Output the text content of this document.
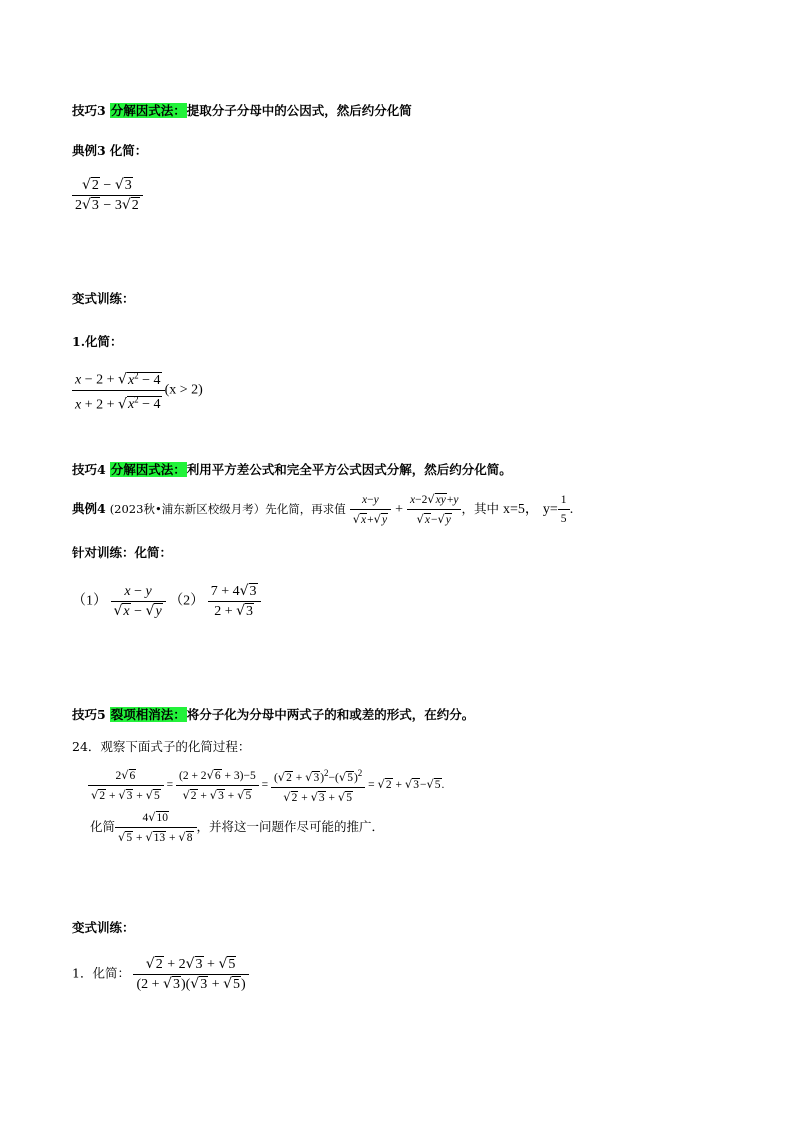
技巧3 分解因式法：提取分子分母中的公因式，然后约分化简
典例3 化简：
$\frac{√2 - √3}{2√3 - 3√2}$
变式训练：
1.化简：
$\frac{x - 2 + √x^2 - 4}{x + 2 + √x^2 - 4} (x > 2)$
技巧4 分解因式法：利用平方差公式和完全平方公式因式分解，然后约分化简。
典例4 (2023秋•浦东新区校级月考）先化简，再求值 $\frac{x-y}{√x+√y} + \frac{x-2√xy+y}{√x-√y}$ ，其中 x=5， $y= \frac{1}{5}$ .
针对训练：化简：
$(1) \frac{x - y}{√x - √y} (2) \frac{7 + 4√3}{2 + √3}$
技巧5 裂项相消法：将分子化为分母中两式子的和或差的形式，在约分。
24．观察下面式子的化简过程：
$\frac{2√6}{√2 + √3 + √5} = \frac{(2 + 2√6 + 3)-5}{√2 + √3 + √5} = \frac{(√2 + √3)^2-(√5)^2}{√2 + √3 + √5} = √2 + √3-√5$.
化简 $\frac{4√10}{√5 + √13 + √8}$ ，并将这一问题作尽可能的推广．
变式训练：
1．化简： $\frac{√2 + 2√3 + √5}{(2 + √3)(√3 + √5)}$
